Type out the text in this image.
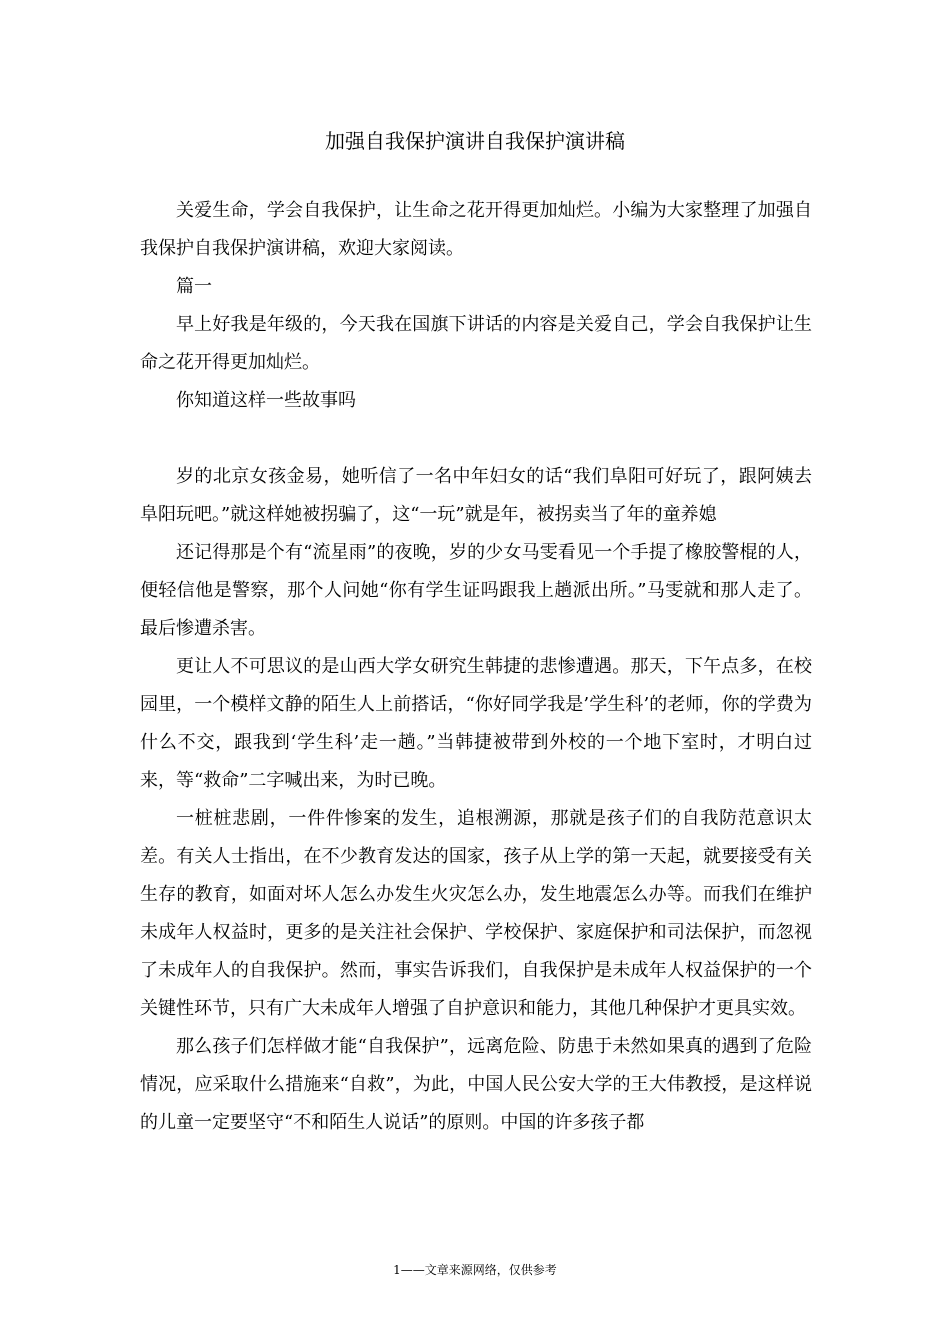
加强自我保护演讲自我保护演讲稿

关爱生命，学会自我保护，让生命之花开得更加灿烂。小编为大家整理了加强自我保护自我保护演讲稿，欢迎大家阅读。

篇一

早上好我是年级的，今天我在国旗下讲话的内容是关爱自己，学会自我保护让生命之花开得更加灿烂。

你知道这样一些故事吗

岁的北京女孩金易，她听信了一名中年妇女的话“我们阜阳可好玩了，跟阿姨去阜阳玩吧。”就这样她被拐骗了，这“一玩”就是年，被拐卖当了年的童养媳

还记得那是个有“流星雨”的夜晚，岁的少女马雯看见一个手提了橡胶警棍的人，便轻信他是警察，那个人问她“你有学生证吗跟我上趟派出所。”马雯就和那人走了。最后惨遭杀害。

更让人不可思议的是山西大学女研究生韩捷的悲惨遭遇。那天，下午点多，在校园里，一个模样文静的陌生人上前搭话，“你好同学我是’学生科’的老师，你的学费为什么不交，跟我到‘学生科’走一趟。”当韩捷被带到外校的一个地下室时，才明白过来，等“救命”二字喊出来，为时已晚。

一桩桩悲剧，一件件惨案的发生，追根溯源，那就是孩子们的自我防范意识太差。有关人士指出，在不少教育发达的国家，孩子从上学的第一天起，就要接受有关生存的教育，如面对坏人怎么办发生火灾怎么办，发生地震怎么办等。而我们在维护未成年人权益时，更多的是关注社会保护、学校保护、家庭保护和司法保护，而忽视了未成年人的自我保护。然而，事实告诉我们，自我保护是未成年人权益保护的一个关键性环节，只有广大未成年人增强了自护意识和能力，其他几种保护才更具实效。

那么孩子们怎样做才能“自我保护”，远离危险、防患于未然如果真的遇到了危险情况，应采取什么措施来“自救”，为此，中国人民公安大学的王大伟教授，是这样说的儿童一定要坚守“不和陌生人说话”的原则。中国的许多孩子都

1——文章来源网络，仅供参考
